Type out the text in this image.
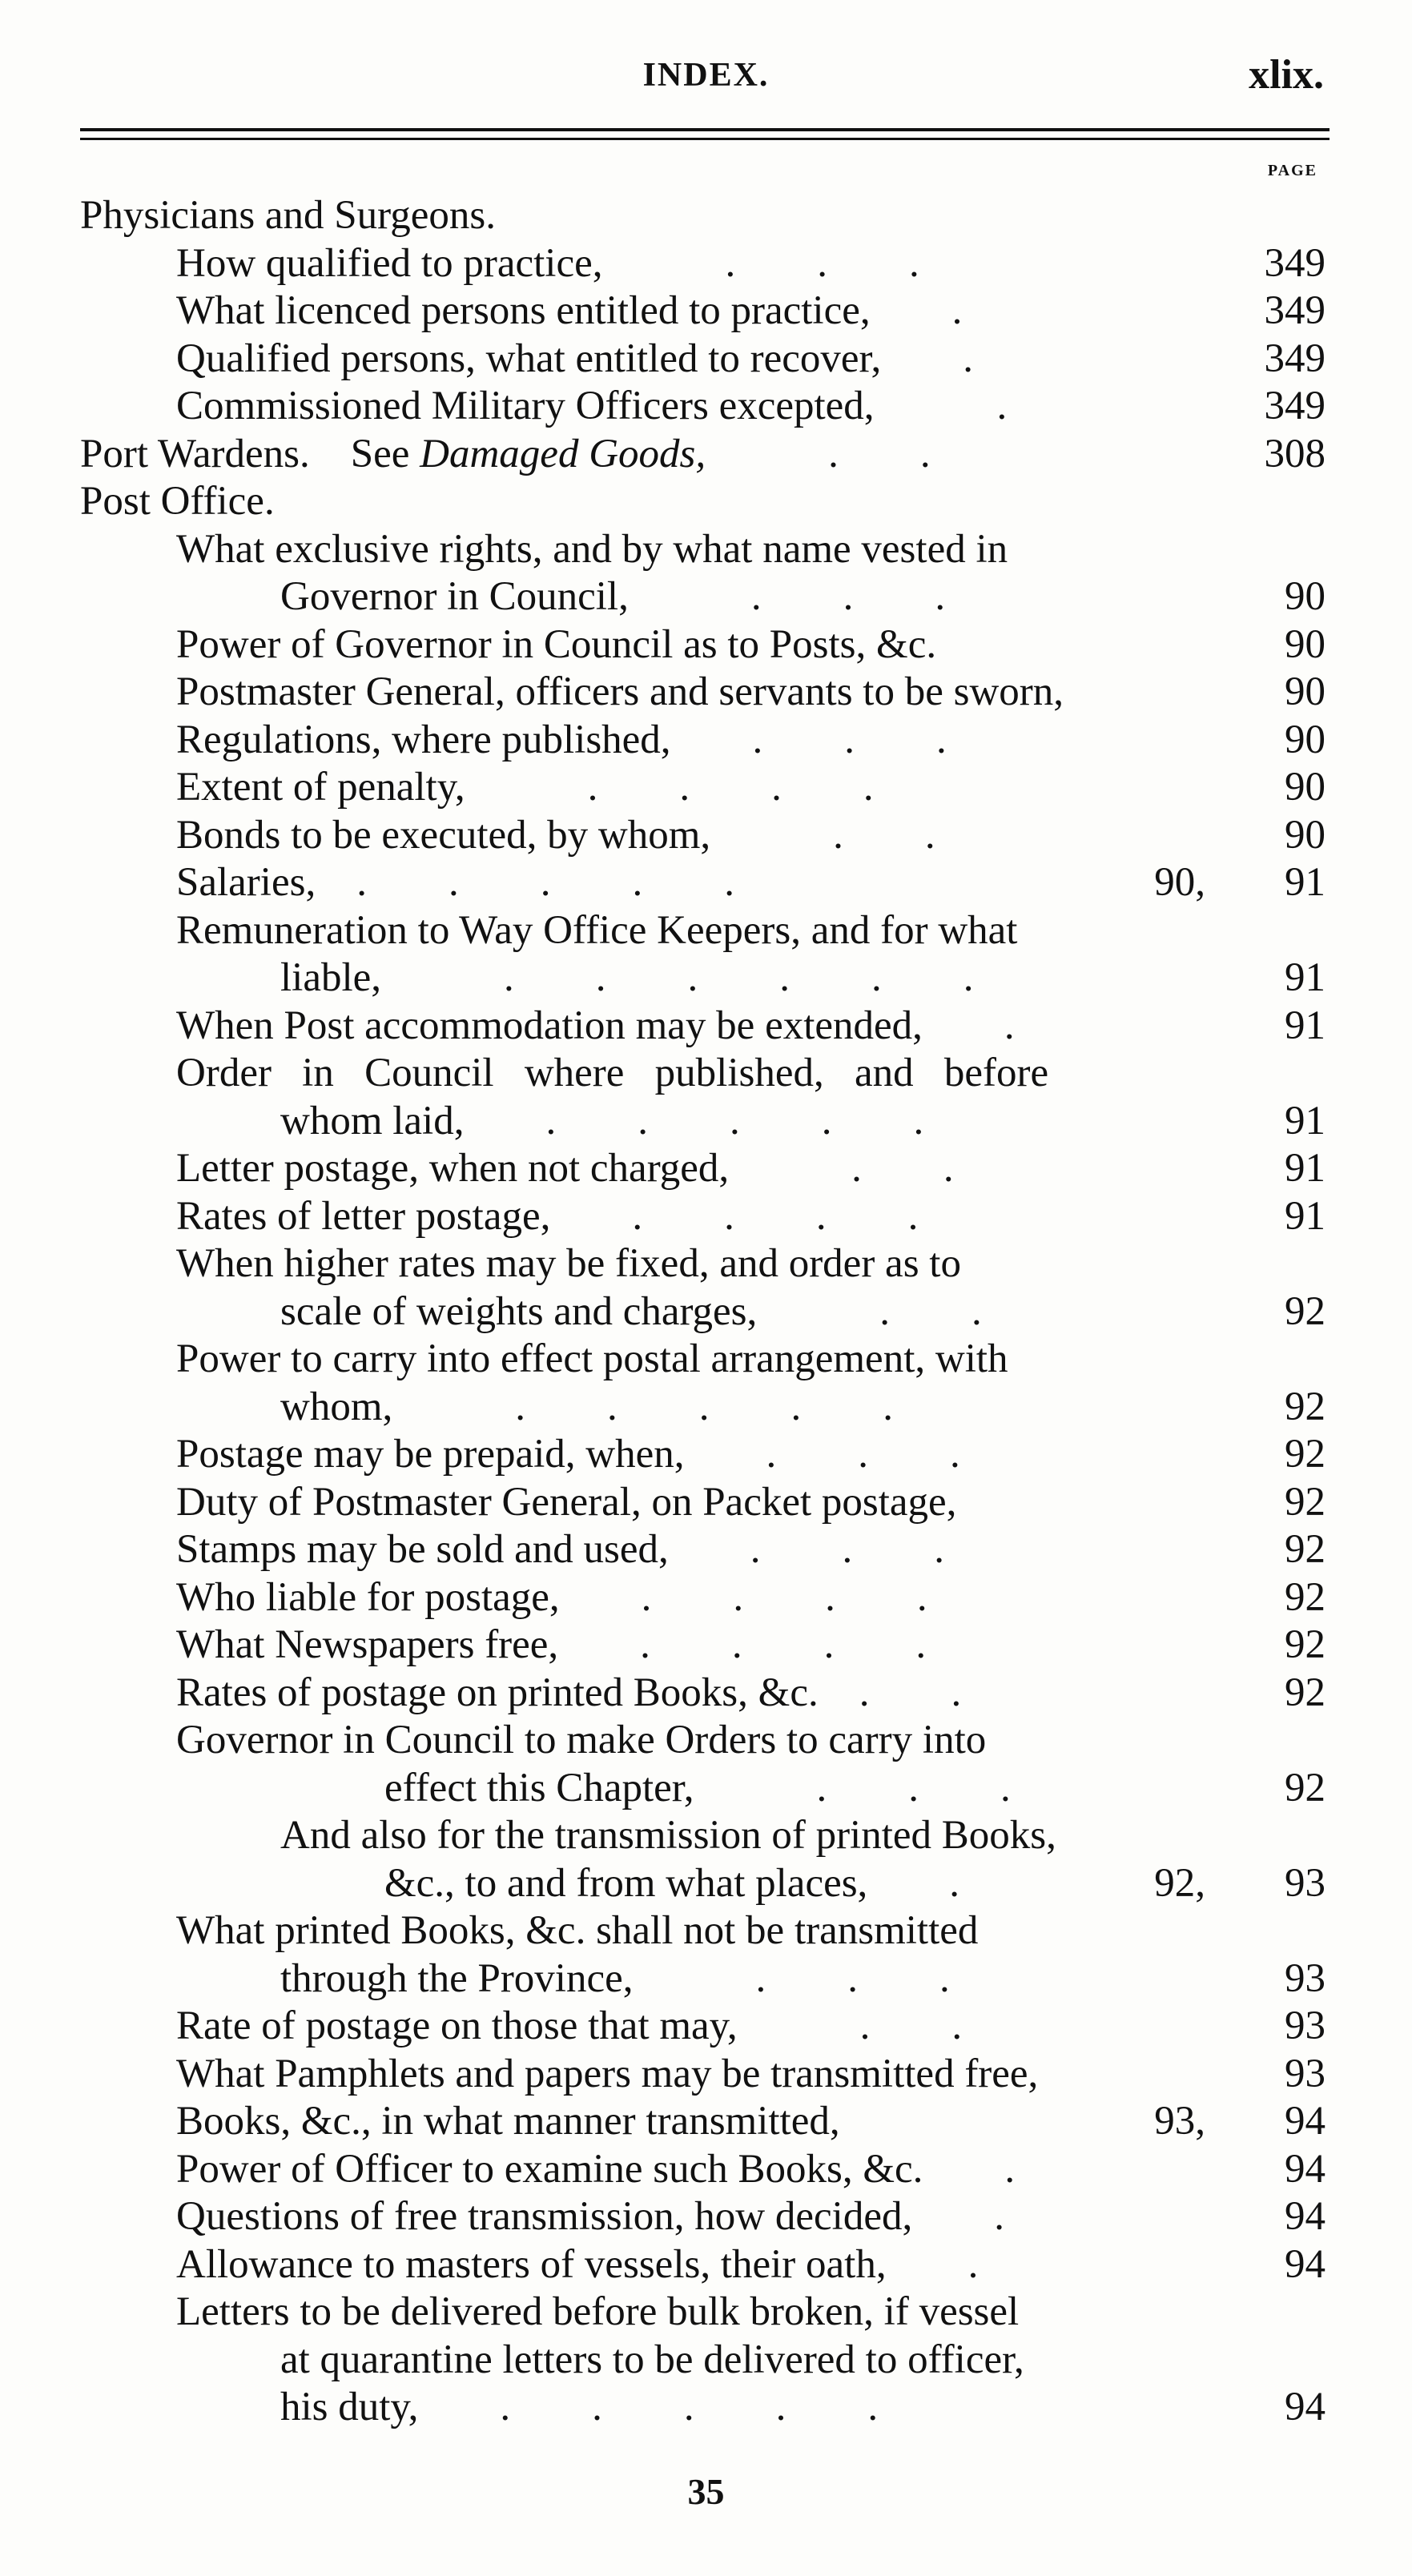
INDEX.	xlix.
PAGE
Physicians and Surgeons.
How qualified to practice,   .  .  .	349
What licenced persons entitled to practice,  .	349
Qualified persons, what entitled to recover,  .	349
Commissioned Military Officers excepted,   .	349
Port Wardens. See Damaged Goods,   .  .	308
Post Office.
What exclusive rights, and by what name vested in
Governor in Council,   .  .  .	90
Power of Governor in Council as to Posts, &c.	90
Postmaster General, officers and servants to be sworn,	90
Regulations, where published,  .  .  .	90
Extent of penalty,   .  .  .  .	90
Bonds to be executed, by whom,   .  .	90
Salaries, .  .  .  .  .	90,	91
Remuneration to Way Office Keepers, and for what
liable,   .  .  .  .  .  .	91
When Post accommodation may be extended,  .	91
Order  in  Council  where  published,  and  before
whom laid,  .  .  .  .  .	91
Letter postage, when not charged,   .  .	91
Rates of letter postage,  .  .  .  .	91
When higher rates may be fixed, and order as to
scale of weights and charges,   .  .	92
Power to carry into effect postal arrangement, with
whom,   .  .  .  .  .	92
Postage may be prepaid, when,  .  .  .	92
Duty of Postmaster General, on Packet postage,	92
Stamps may be sold and used,  .  .  .	92
Who liable for postage,  .  .  .  .	92
What Newspapers free,  .  .  .  .	92
Rates of postage on printed Books, &c. .  .	92
Governor in Council to make Orders to carry into
effect this Chapter,   .  .  .	92
And also for the transmission of printed Books,
&c., to and from what places,  .	92,	93
What printed Books, &c. shall not be transmitted
through the Province,   .  .  .	93
Rate of postage on those that may,   .  .	93
What Pamphlets and papers may be transmitted free,	93
Books, &c., in what manner transmitted,	93,	94
Power of Officer to examine such Books, &c.  .	94
Questions of free transmission, how decided,  .	94
Allowance to masters of vessels, their oath,  .	94
Letters to be delivered before bulk broken, if vessel
at quarantine letters to be delivered to officer,
his duty,  .  .  .  .  .	94
35
